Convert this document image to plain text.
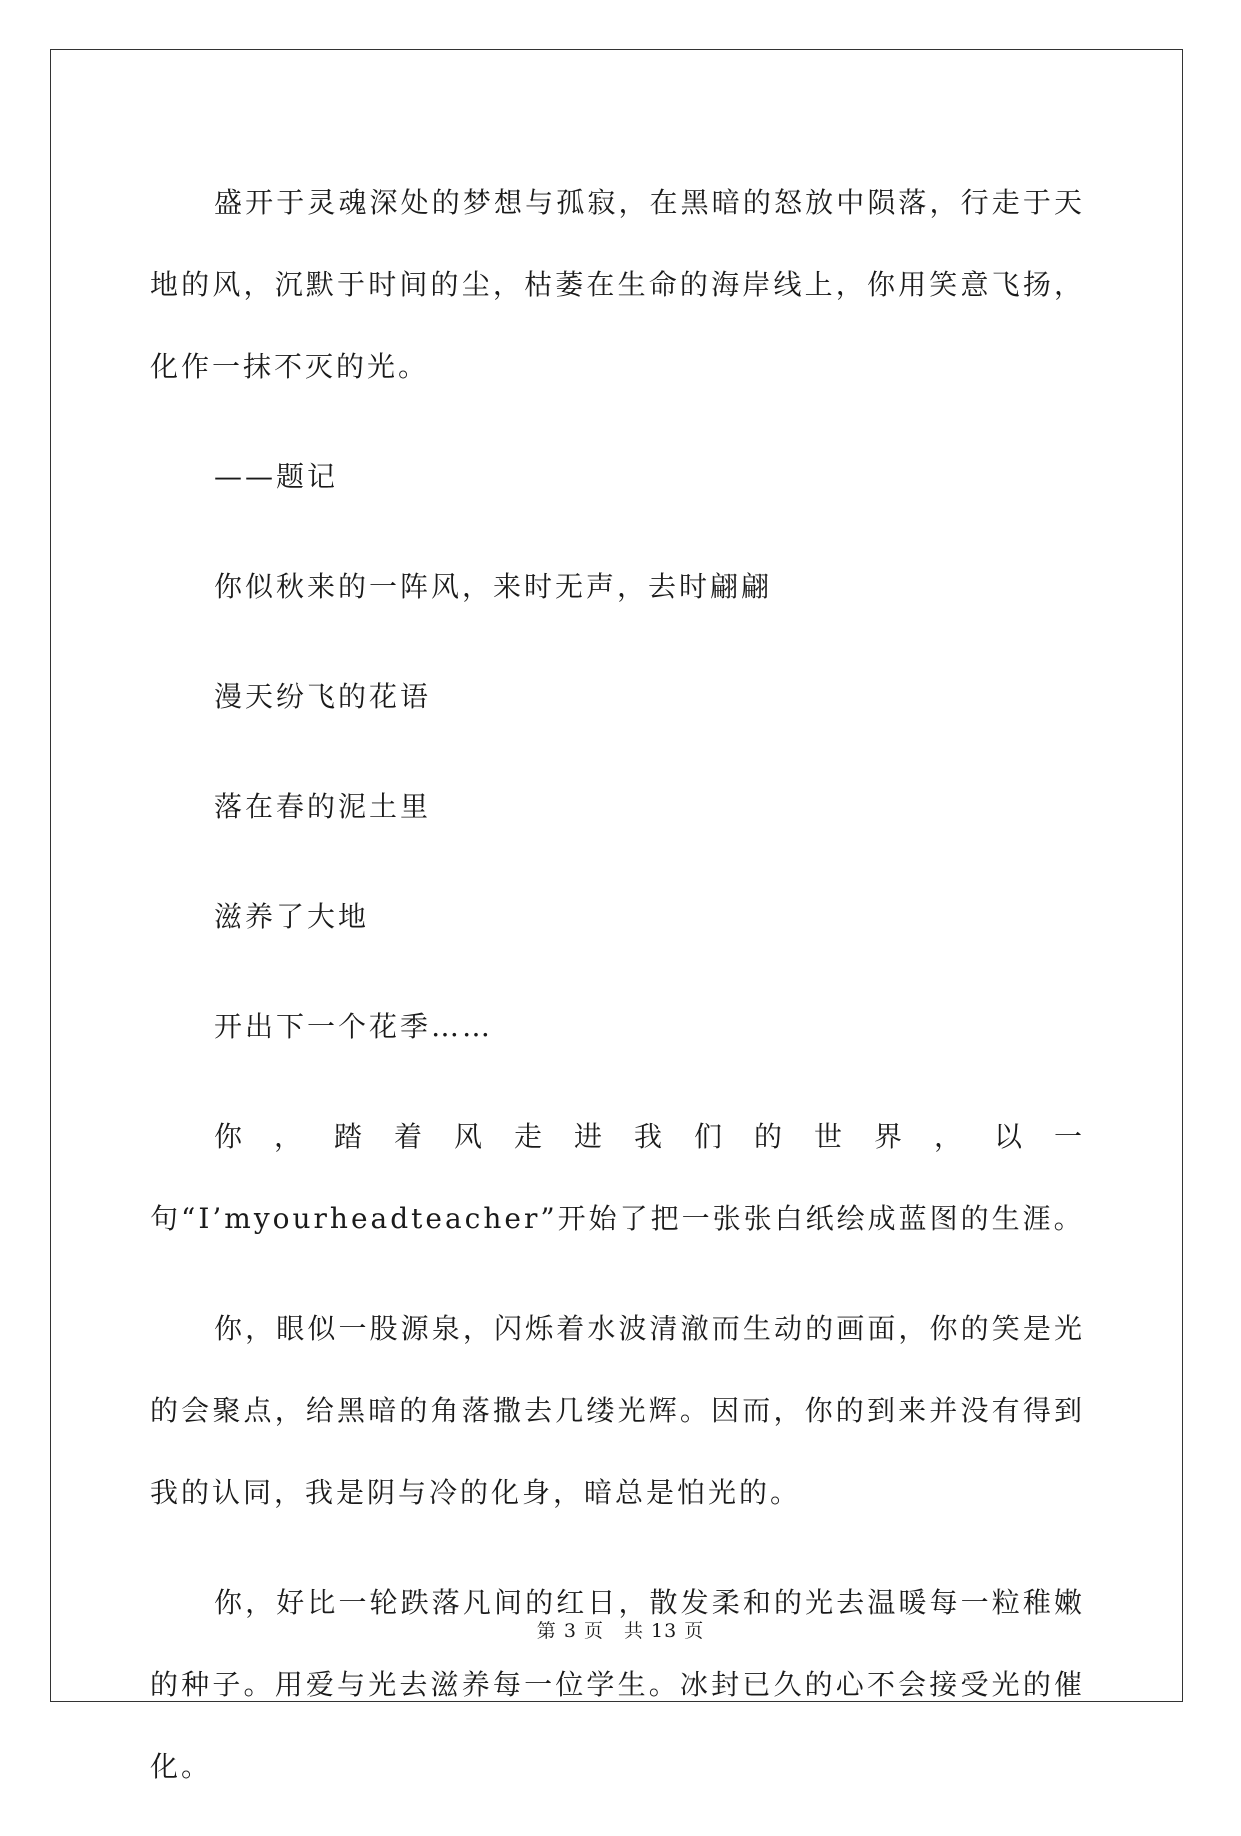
盛开于灵魂深处的梦想与孤寂，在黑暗的怒放中陨落，行走于天地的风，沉默于时间的尘，枯萎在生命的海岸线上，你用笑意飞扬，化作一抹不灭的光。

——题记

你似秋来的一阵风，来时无声，去时翩翩

漫天纷飞的花语

落在春的泥土里

滋养了大地

开出下一个花季……

你，踏着风走进我们的世界，以一句“I’myourheadteacher”开始了把一张张白纸绘成蓝图的生涯。

你，眼似一股源泉，闪烁着水波清澈而生动的画面，你的笑是光的会聚点，给黑暗的角落撒去几缕光辉。因而，你的到来并没有得到我的认同，我是阴与冷的化身，暗总是怕光的。

你，好比一轮跌落凡间的红日，散发柔和的光去温暖每一粒稚嫩的种子。用爱与光去滋养每一位学生。冰封已久的心不会接受光的催化。

第 3 页 共 13 页
